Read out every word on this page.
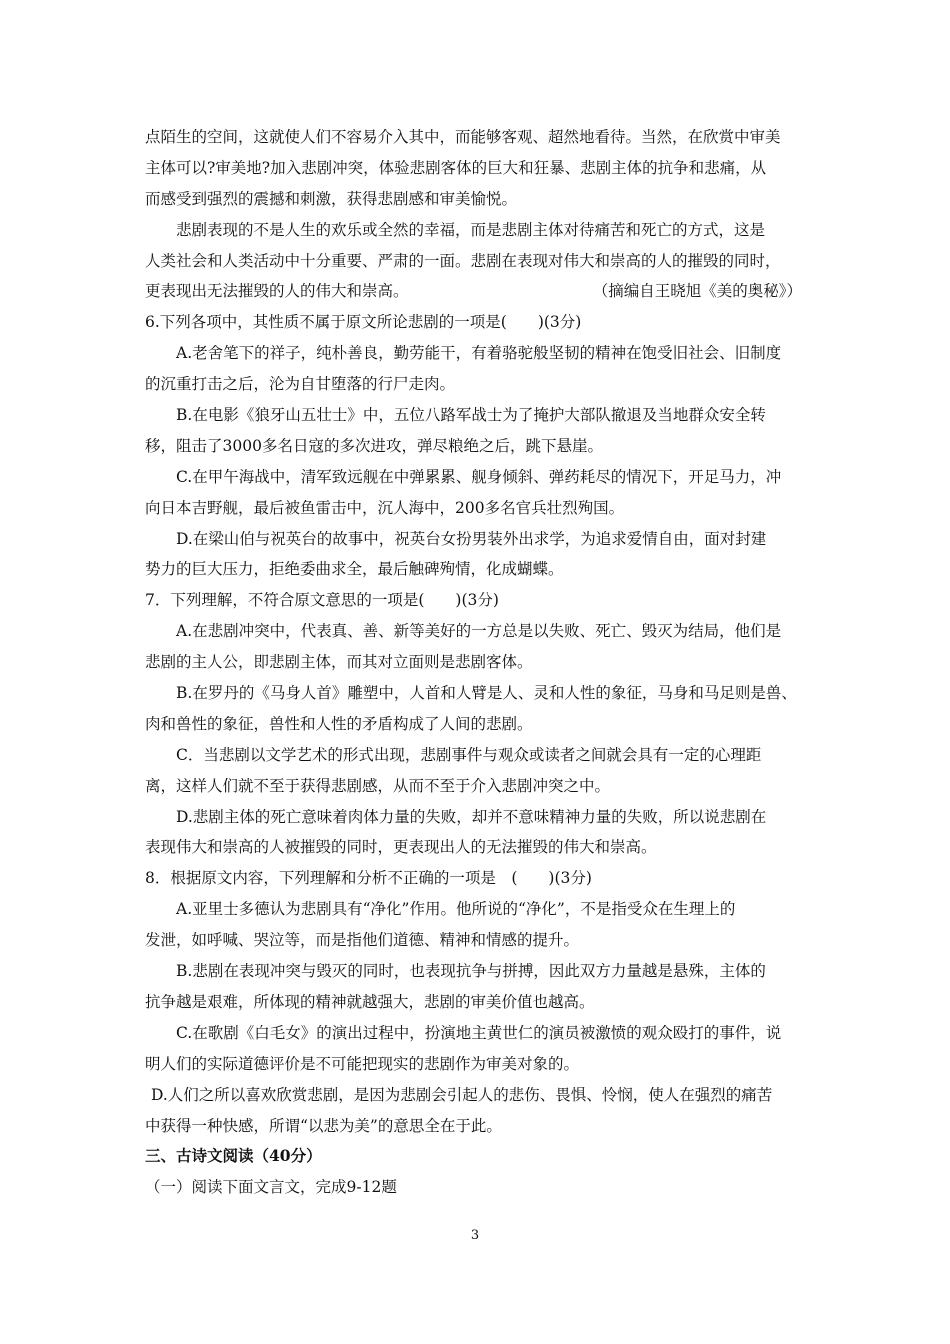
点陌生的空间，这就使人们不容易介入其中，而能够客观、超然地看待。当然，在欣赏中审美
主体可以?审美地?加入悲剧冲突，体验悲剧客体的巨大和狂暴、悲剧主体的抗争和悲痛，从
而感受到强烈的震撼和刺激，获得悲剧感和审美愉悦。
悲剧表现的不是人生的欢乐或全然的幸福，而是悲剧主体对待痛苦和死亡的方式，这是
人类社会和人类活动中十分重要、严肃的一面。悲剧在表现对伟大和崇高的人的摧毁的同时，
更表现出无法摧毁的人的伟大和崇高。	（摘编自王晓旭《美的奥秘》）
6.下列各项中，其性质不属于原文所论悲剧的一项是(　　)(3分)
A.老舍笔下的祥子，纯朴善良，勤劳能干，有着骆驼般坚韧的精神在饱受旧社会、旧制度
的沉重打击之后，沦为自甘堕落的行尸走肉。
B.在电影《狼牙山五壮士》中，五位八路军战士为了掩护大部队撤退及当地群众安全转
移，阻击了3000多名日寇的多次进攻，弹尽粮绝之后，跳下悬崖。
C.在甲午海战中，清军致远舰在中弹累累、舰身倾斜、弹药耗尽的情况下，开足马力，冲
向日本吉野舰，最后被鱼雷击中，沉人海中，200多名官兵壮烈殉国。
D.在梁山伯与祝英台的故事中，祝英台女扮男装外出求学，为追求爱情自由，面对封建
势力的巨大压力，拒绝委曲求全，最后触碑殉情，化成蝴蝶。
7．下列理解，不符合原文意思的一项是(　　)(3分)
A.在悲剧冲突中，代表真、善、新等美好的一方总是以失败、死亡、毁灭为结局，他们是
悲剧的主人公，即悲剧主体，而其对立面则是悲剧客体。
B.在罗丹的《马身人首》雕塑中，人首和人臂是人、灵和人性的象征，马身和马足则是兽、
肉和兽性的象征，兽性和人性的矛盾构成了人间的悲剧。
C．当悲剧以文学艺术的形式出现，悲剧事件与观众或读者之间就会具有一定的心理距
离，这样人们就不至于获得悲剧感，从而不至于介入悲剧冲突之中。
D.悲剧主体的死亡意味着肉体力量的失败，却并不意味精神力量的失败，所以说悲剧在
表现伟大和崇高的人被摧毁的同时，更表现出人的无法摧毁的伟大和崇高。
8．根据原文内容，下列理解和分析不正确的一项是　(　　)(3分)
A.亚里士多德认为悲剧具有“净化”作用。他所说的“净化”，不是指受众在生理上的
发泄，如呼喊、哭泣等，而是指他们道德、精神和情感的提升。
B.悲剧在表现冲突与毁灭的同时，也表现抗争与拼搏，因此双方力量越是悬殊，主体的
抗争越是艰难，所体现的精神就越强大，悲剧的审美价值也越高。
C.在歌剧《白毛女》的演出过程中，扮演地主黄世仁的演员被激愤的观众殴打的事件，说
明人们的实际道德评价是不可能把现实的悲剧作为审美对象的。
D.人们之所以喜欢欣赏悲剧，是因为悲剧会引起人的悲伤、畏惧、怜悯，使人在强烈的痛苦
中获得一种快感，所谓“以悲为美”的意思全在于此。
三、古诗文阅读（40分）
（一）阅读下面文言文，完成9-12题
3
